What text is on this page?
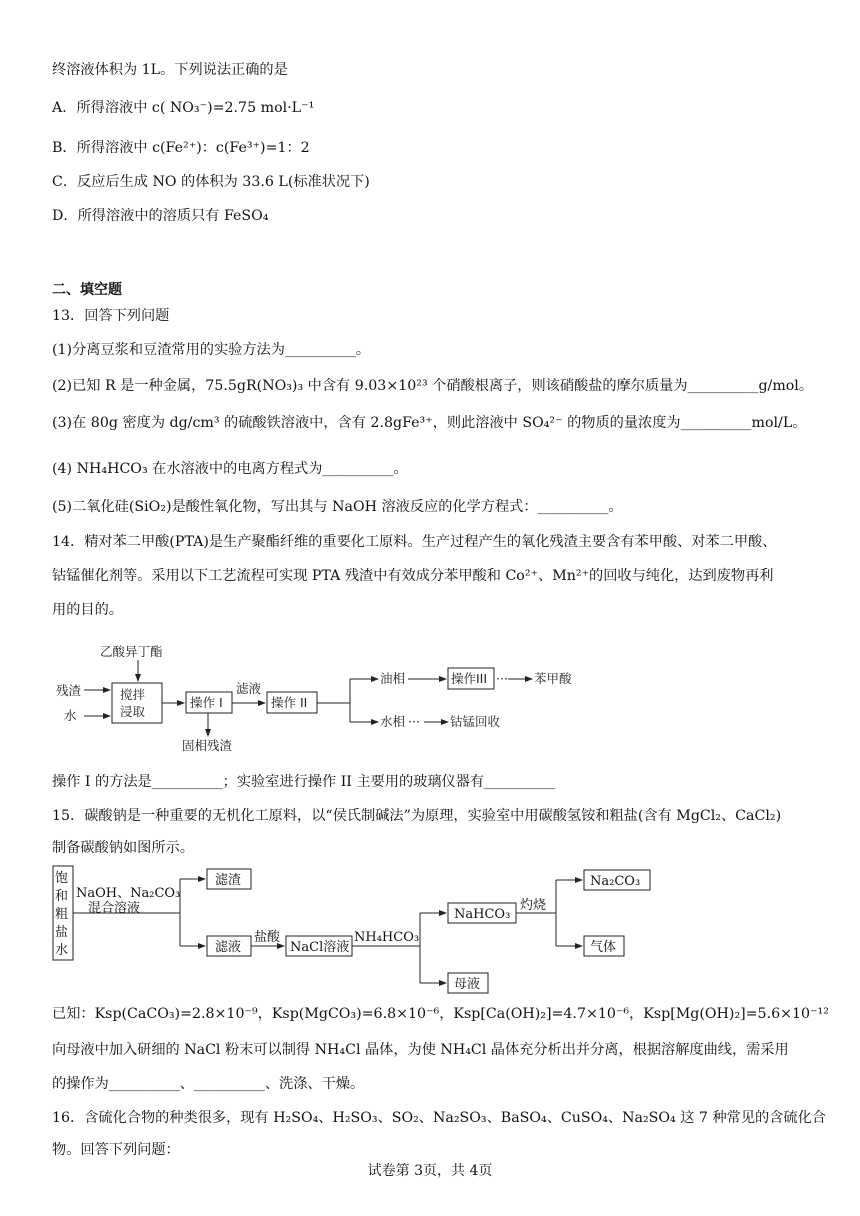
终溶液体积为 1L。下列说法正确的是
A．所得溶液中 c( NO₃⁻)=2.75 mol·L⁻¹
B．所得溶液中 c(Fe²⁺)：c(Fe³⁺)=1：2
C．反应后生成 NO 的体积为 33.6 L(标准状况下)
D．所得溶液中的溶质只有 FeSO₄
二、填空题
13．回答下列问题
(1)分离豆浆和豆渣常用的实验方法为__________。
(2)已知 R 是一种金属，75.5gR(NO₃)₃ 中含有 9.03×10²³ 个硝酸根离子，则该硝酸盐的摩尔质量为__________g/mol。
(3)在 80g 密度为 dg/cm³ 的硫酸铁溶液中，含有 2.8gFe³⁺，则此溶液中 SO₄²⁻ 的物质的量浓度为__________mol/L。
(4) NH₄HCO₃ 在水溶液中的电离方程式为__________。
(5)二氧化硅(SiO₂)是酸性氧化物，写出其与 NaOH 溶液反应的化学方程式：__________。
14．精对苯二甲酸(PTA)是生产聚酯纤维的重要化工原料。生产过程产生的氧化残渣主要含有苯甲酸、对苯二甲酸、
钴锰催化剂等。采用以下工艺流程可实现 PTA 残渣中有效成分苯甲酸和 Co²⁺、Mn²⁺的回收与纯化，达到废物再利
用的目的。
操作 I 的方法是__________；实验室进行操作 II 主要用的玻璃仪器有__________
15．碳酸钠是一种重要的无机化工原料，以“侯氏制碱法”为原理，实验室中用碳酸氢铵和粗盐(含有 MgCl₂、CaCl₂)
制备碳酸钠如图所示。
已知：Ksp(CaCO₃)=2.8×10⁻⁹，Ksp(MgCO₃)=6.8×10⁻⁶，Ksp[Ca(OH)₂]=4.7×10⁻⁶，Ksp[Mg(OH)₂]=5.6×10⁻¹²
向母液中加入研细的 NaCl 粉末可以制得 NH₄Cl 晶体，为使 NH₄Cl 晶体充分析出并分离，根据溶解度曲线，需采用
的操作为__________、__________、洗涤、干燥。
16．含硫化合物的种类很多，现有 H₂SO₄、H₂SO₃、SO₂、Na₂SO₃、BaSO₄、CuSO₄、Na₂SO₄ 这 7 种常见的含硫化合
物。回答下列问题：
试卷第 3页，共 4页
乙酸异丁酯
残渣
水
搅拌
浸取
操作 I
固相残渣
滤液
操作 II
油相	操作III ··· 苯甲酸
水相 ··· 钴锰回收
饱
和
粗
盐
水
NaOH、Na₂CO₃
混合溶液
滤渣
滤液
盐酸
NaCl溶液
NH₄HCO₃
NaHCO₃
母液
灼烧
Na₂CO₃
气体
